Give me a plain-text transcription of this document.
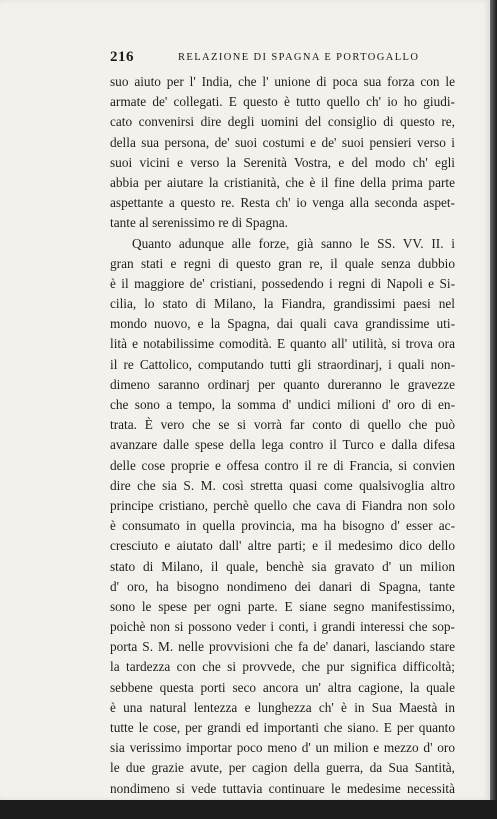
216	RELAZIONE DI SPAGNA E PORTOGALLO
suo aiuto per l' India, che l' unione di poca sua forza con le
armate de' collegati. E questo è tutto quello ch' io ho giudi-
cato convenirsi dire degli uomini del consiglio di questo re,
della sua persona, de' suoi costumi e de' suoi pensieri verso i
suoi vicini e verso la Serenità Vostra, e del modo ch' egli
abbia per aiutare la cristianità, che è il fine della prima parte
aspettante a questo re. Resta ch' io venga alla seconda aspet-
tante al serenissimo re di Spagna.
Quanto adunque alle forze, già sanno le SS. VV. II. i
gran stati e regni di questo gran re, il quale senza dubbio
è il maggiore de' cristiani, possedendo i regni di Napoli e Si-
cilia, lo stato di Milano, la Fiandra, grandissimi paesi nel
mondo nuovo, e la Spagna, dai quali cava grandissime uti-
lità e notabilissime comodità. E quanto all' utilità, si trova ora
il re Cattolico, computando tutti gli straordinarj, i quali non-
dimeno saranno ordinarj per quanto dureranno le gravezze
che sono a tempo, la somma d' undici milioni d' oro di en-
trata. È vero che se si vorrà far conto di quello che può
avanzare dalle spese della lega contro il Turco e dalla difesa
delle cose proprie e offesa contro il re di Francia, si convien
dire che sia S. M. così stretta quasi come qualsivoglia altro
principe cristiano, perchè quello che cava di Fiandra non solo
è consumato in quella provincia, ma ha bisogno d' esser ac-
cresciuto e aiutato dall' altre parti; e il medesimo dico dello
stato di Milano, il quale, benchè sia gravato d' un milion
d' oro, ha bisogno nondimeno dei danari di Spagna, tante
sono le spese per ogni parte. E siane segno manifestissimo,
poichè non si possono veder i conti, i grandi interessi che sop-
porta S. M. nelle provvisioni che fa de' danari, lasciando stare
la tardezza con che si provvede, che pur significa difficoltà;
sebbene questa porti seco ancora un' altra cagione, la quale
è una natural lentezza e lunghezza ch' è in Sua Maestà in
tutte le cose, per grandi ed importanti che siano. E per quanto
sia verissimo importar poco meno d' un milion e mezzo d' oro
le due grazie avute, per cagion della guerra, da Sua Santità,
nondimeno si vede tuttavia continuare le medesime necessità
e l' istesse incomodità, che sono di tanti interessi che patisce
